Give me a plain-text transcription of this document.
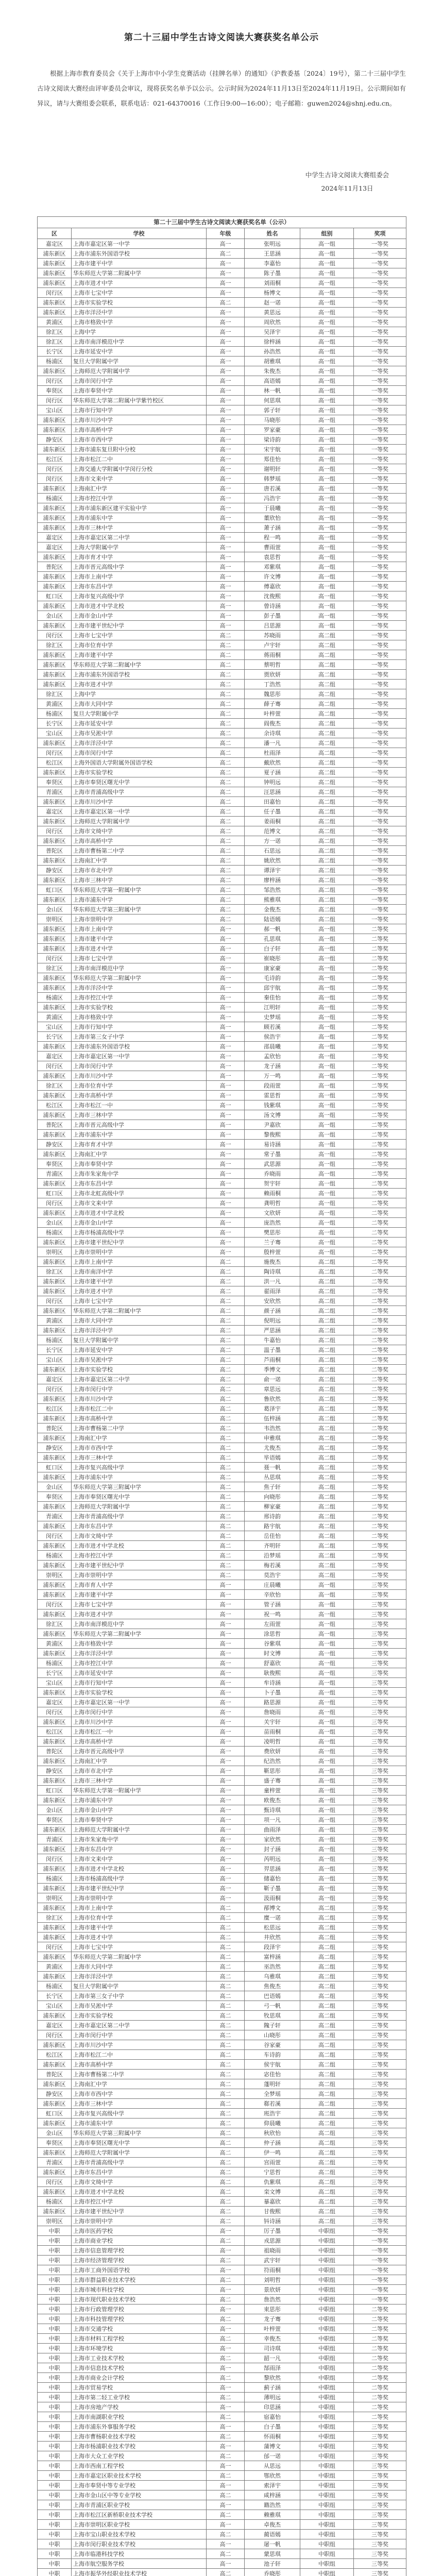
第二十三届中学生古诗文阅读大赛获奖名单公示
根据上海市教育委员会《关于上海市中小学生竞赛活动（挂牌名单）的通知》（沪教委基〔2024〕19号），第二十三届中学生古诗文阅读大赛经由评审委员会审议，现将获奖名单予以公示。公示时间为2024年11月13日至2024年11月19日。公示期间如有异议，请与大赛组委会联系，联系电话：021-64370016（工作日9:00—16:00）；电子邮箱：guwen2024@shnj.edu.cn。
中学生古诗文阅读大赛组委会
2024年11月13日
第二十三届中学生古诗文阅读大赛获奖名单（公示）					
区	学校	年级	姓名	组别	奖项
嘉定区	上海市嘉定区第一中学	高一	张明远	高一组	一等奖
浦东新区	上海市浦东外国语学校	高二	王思涵	高一组	一等奖
浦东新区	上海市建平中学	高一	李嘉怡	高一组	一等奖
浦东新区	华东师范大学第二附属中学	高一	陈子墨	高一组	一等奖
浦东新区	上海市进才中学	高一	刘雨桐	高一组	一等奖
闵行区	上海市七宝中学	高一	杨博文	高一组	一等奖
浦东新区	上海市实验学校	高二	赵一诺	高一组	一等奖
浦东新区	上海市洋泾中学	高一	黄思远	高一组	一等奖
黄浦区	上海市格致中学	高一	周欣然	高一组	一等奖
徐汇区	上海中学	高一	吴泽宇	高一组	一等奖
徐汇区	上海市南洋模范中学	高一	徐梓涵	高一组	一等奖
长宁区	上海市延安中学	高一	孙浩然	高一组	一等奖
杨浦区	复旦大学附属中学	高一	胡雅琪	高一组	一等奖
浦东新区	上海师范大学附属中学	高一	朱俊杰	高一组	一等奖
闵行区	上海市闵行中学	高一	高语嫣	高一组	一等奖
奉贤区	上海市奉贤中学	高一	林一帆	高一组	一等奖
闵行区	华东师范大学第二附属中学紫竹校区	高一	何思琪	高一组	一等奖
宝山区	上海市行知中学	高一	郭子轩	高一组	一等奖
浦东新区	上海市川沙中学	高一	马晓彤	高一组	一等奖
浦东新区	上海市高桥中学	高一	罗家豪	高一组	一等奖
静安区	上海市市西中学	高一	梁诗韵	高一组	一等奖
浦东新区	上海市浦东复旦附中分校	高一	宋宇航	高一组	一等奖
松江区	上海市松江二中	高一	郑佳怡	高一组	一等奖
闵行区	上海交通大学附属中学闵行分校	高一	谢明轩	高一组	一等奖
闵行区	上海市文来中学	高一	韩梦瑶	高一组	一等奖
浦东新区	上海南汇中学	高一	唐若溪	高一组	一等奖
杨浦区	上海市控江中学	高一	冯浩宇	高一组	一等奖
浦东新区	上海市浦东新区建平实验中学	高一	于晨曦	高一组	一等奖
浦东新区	上海市浦东中学	高一	董欣怡	高一组	一等奖
浦东新区	上海市三林中学	高一	萧子涵	高一组	一等奖
嘉定区	上海市嘉定区第二中学	高一	程一鸣	高一组	一等奖
嘉定区	上海大学附属中学	高一	曹雨萱	高一组	一等奖
浦东新区	上海市育才中学	高一	袁思哲	高一组	一等奖
普陀区	上海市晋元高级中学	高一	邓紫琪	高一组	一等奖
浦东新区	上海市上南中学	高一	许文博	高一组	一等奖
浦东新区	上海市东昌中学	高一	傅嘉欣	高一组	一等奖
虹口区	上海市复兴高级中学	高一	沈俊熙	高一组	一等奖
浦东新区	上海市进才中学北校	高一	曾诗涵	高一组	一等奖
金山区	上海市金山中学	高一	彭子墨	高一组	一等奖
浦东新区	上海市建平世纪中学	高一	吕思源	高一组	一等奖
闵行区	上海市七宝中学	高二	苏晓雨	高二组	一等奖
徐汇区	上海市位育中学	高二	卢宇轩	高二组	一等奖
浦东新区	上海市建平中学	高二	蒋雨桐	高二组	一等奖
浦东新区	华东师范大学第二附属中学	高二	蔡明哲	高二组	一等奖
浦东新区	上海市浦东外国语学校	高二	贾欣妍	高二组	一等奖
浦东新区	上海市进才中学	高二	丁浩然	高二组	一等奖
徐汇区	上海中学	高二	魏思彤	高二组	一等奖
黄浦区	上海市大同中学	高二	薛子骞	高二组	一等奖
杨浦区	复旦大学附属中学	高二	叶梓萱	高二组	一等奖
长宁区	上海市延安中学	高二	阎俊杰	高二组	一等奖
宝山区	上海市吴淞中学	高二	余诗琪	高二组	一等奖
浦东新区	上海市洋泾中学	高二	潘一凡	高二组	一等奖
闵行区	上海市闵行中学	高二	杜雨泽	高二组	一等奖
松江区	上海外国语大学附属外国语学校	高二	戴欣然	高二组	一等奖
浦东新区	上海市实验学校	高二	夏子涵	高二组	一等奖
奉贤区	上海市奉贤区曙光中学	高二	钟明远	高二组	一等奖
青浦区	上海市青浦高级中学	高二	汪思涵	高二组	一等奖
浦东新区	上海市川沙中学	高二	田嘉怡	高二组	一等奖
嘉定区	上海市嘉定区第一中学	高二	任子墨	高二组	一等奖
浦东新区	上海师范大学附属中学	高二	姜雨桐	高二组	一等奖
闵行区	上海市文绮中学	高二	范博文	高二组	一等奖
浦东新区	上海市高桥中学	高二	方一诺	高二组	一等奖
普陀区	上海市曹杨第二中学	高二	石思远	高二组	一等奖
浦东新区	上海南汇中学	高二	姚欣然	高二组	一等奖
静安区	上海市市北中学	高二	谭泽宇	高二组	一等奖
浦东新区	上海市三林中学	高二	廖梓涵	高二组	一等奖
虹口区	华东师范大学第一附属中学	高二	邹浩然	高二组	一等奖
浦东新区	上海市浦东中学	高二	熊雅琪	高二组	一等奖
金山区	华东师范大学第三附属中学	高二	金俊杰	高二组	一等奖
崇明区	上海市崇明中学	高二	陆语嫣	高二组	一等奖
浦东新区	上海市上南中学	高一	郝一帆	高一组	二等奖
浦东新区	上海市建平中学	高一	孔思琪	高一组	二等奖
浦东新区	上海市进才中学	高一	白子轩	高一组	二等奖
闵行区	上海市七宝中学	高一	崔晓彤	高一组	二等奖
徐汇区	上海市南洋模范中学	高一	康家豪	高一组	二等奖
浦东新区	华东师范大学第二附属中学	高一	毛诗韵	高一组	二等奖
浦东新区	上海市洋泾中学	高一	邱宇航	高一组	二等奖
杨浦区	上海市控江中学	高一	秦佳怡	高一组	二等奖
浦东新区	上海市实验学校	高一	江明轩	高一组	二等奖
黄浦区	上海市格致中学	高一	史梦瑶	高一组	二等奖
宝山区	上海市行知中学	高一	顾若溪	高一组	二等奖
长宁区	上海市第三女子中学	高一	侯浩宇	高一组	二等奖
浦东新区	上海市浦东外国语学校	高一	邵晨曦	高一组	二等奖
嘉定区	上海市嘉定区第一中学	高一	孟欣怡	高一组	二等奖
闵行区	上海市闵行中学	高一	龙子涵	高一组	二等奖
浦东新区	上海市川沙中学	高一	万一鸣	高一组	二等奖
徐汇区	上海市位育中学	高一	段雨萱	高一组	二等奖
浦东新区	上海市高桥中学	高一	雷思哲	高一组	二等奖
松江区	上海市松江一中	高一	钱紫琪	高一组	二等奖
浦东新区	上海市三林中学	高一	汤文博	高一组	二等奖
普陀区	上海市晋元高级中学	高一	尹嘉欣	高一组	二等奖
浦东新区	上海市浦东中学	高一	黎俊熙	高一组	二等奖
静安区	上海市育才中学	高一	易诗涵	高一组	二等奖
浦东新区	上海南汇中学	高一	常子墨	高一组	二等奖
奉贤区	上海市奉贤中学	高一	武思源	高一组	二等奖
青浦区	上海市朱家角中学	高一	乔晓雨	高一组	二等奖
浦东新区	上海市东昌中学	高一	贺宇轩	高一组	二等奖
虹口区	上海市北虹高级中学	高一	赖雨桐	高一组	二等奖
闵行区	上海市文来中学	高一	龚明哲	高一组	二等奖
浦东新区	上海市进才中学北校	高一	文欣妍	高一组	二等奖
金山区	上海市金山中学	高一	庞浩然	高一组	二等奖
杨浦区	上海市杨浦高级中学	高一	樊思彤	高一组	二等奖
浦东新区	上海市建平世纪中学	高一	兰子骞	高一组	二等奖
崇明区	上海市崇明中学	高一	殷梓萱	高一组	二等奖
浦东新区	上海市上南中学	高二	施俊杰	高二组	二等奖
徐汇区	上海市南洋中学	高二	陶诗琪	高二组	二等奖
浦东新区	上海市建平中学	高二	洪一凡	高二组	二等奖
浦东新区	上海市进才中学	高二	翟雨泽	高二组	二等奖
闵行区	上海市七宝中学	高二	安欣然	高二组	二等奖
浦东新区	华东师范大学第二附属中学	高二	颜子涵	高二组	二等奖
黄浦区	上海市大同中学	高二	倪明远	高二组	二等奖
浦东新区	上海市洋泾中学	高二	严思涵	高二组	二等奖
杨浦区	复旦大学附属中学	高二	牛嘉怡	高二组	二等奖
长宁区	上海市延安中学	高二	温子墨	高二组	二等奖
宝山区	上海市吴淞中学	高二	芦雨桐	高二组	二等奖
浦东新区	上海市实验学校	高二	季博文	高二组	二等奖
嘉定区	上海市嘉定区第二中学	高二	俞一诺	高二组	二等奖
闵行区	上海市闵行中学	高二	章思远	高二组	二等奖
浦东新区	上海市川沙中学	高二	鲁欣然	高二组	二等奖
松江区	上海市松江二中	高二	葛泽宇	高二组	二等奖
浦东新区	上海市高桥中学	高二	伍梓涵	高二组	二等奖
普陀区	上海市曹杨第二中学	高二	韦浩然	高二组	二等奖
浦东新区	上海南汇中学	高二	申雅琪	高二组	二等奖
静安区	上海市市西中学	高二	尤俊杰	高二组	二等奖
浦东新区	上海市三林中学	高二	毕语嫣	高二组	二等奖
虹口区	上海市复兴高级中学	高二	聂一帆	高二组	二等奖
浦东新区	上海市浦东中学	高二	丛思琪	高二组	二等奖
金山区	华东师范大学第三附属中学	高二	焦子轩	高二组	二等奖
奉贤区	上海市奉贤区曙光中学	高二	向晓彤	高二组	二等奖
浦东新区	上海师范大学附属中学	高二	柳家豪	高二组	二等奖
青浦区	上海市青浦高级中学	高二	邢诗韵	高二组	二等奖
浦东新区	上海市东昌中学	高二	路宇航	高二组	二等奖
闵行区	上海市文绮中学	高二	岳佳怡	高二组	二等奖
浦东新区	上海市进才中学北校	高二	齐明轩	高二组	二等奖
杨浦区	上海市控江中学	高二	沿梦瑶	高二组	二等奖
浦东新区	上海市建平世纪中学	高二	梅若溪	高二组	二等奖
崇明区	上海市崇明中学	高二	莫浩宇	高二组	二等奖
浦东新区	上海市育人中学	高一	庄晨曦	高一组	三等奖
浦东新区	上海市建平中学	高一	辛欣怡	高一组	三等奖
闵行区	上海市七宝中学	高一	管子涵	高一组	三等奖
浦东新区	上海市进才中学	高一	祝一鸣	高一组	三等奖
徐汇区	上海市南洋模范中学	高一	左雨萱	高一组	三等奖
浦东新区	华东师范大学第二附属中学	高一	涂思哲	高一组	三等奖
黄浦区	上海市格致中学	高一	谷紫琪	高一组	三等奖
浦东新区	上海市洋泾中学	高一	时文博	高一组	三等奖
杨浦区	上海市控江中学	高一	舒嘉欣	高一组	三等奖
长宁区	上海市延安中学	高一	耿俊熙	高一组	三等奖
宝山区	上海市行知中学	高一	牟诗涵	高一组	三等奖
浦东新区	上海市实验学校	高一	卜子墨	高一组	三等奖
嘉定区	上海市嘉定区第一中学	高一	路思源	高一组	三等奖
闵行区	上海市闵行中学	高一	詹晓雨	高一组	三等奖
浦东新区	上海市川沙中学	高一	关宇轩	高一组	三等奖
松江区	上海市松江一中	高一	苗雨桐	高一组	三等奖
浦东新区	上海市高桥中学	高一	凌明哲	高一组	三等奖
普陀区	上海市晋元高级中学	高一	费欣妍	高一组	三等奖
浦东新区	上海南汇中学	高一	纪浩然	高一组	三等奖
静安区	上海市市北中学	高一	靳思彤	高一组	三等奖
浦东新区	上海市三林中学	高一	盛子骞	高一组	三等奖
虹口区	华东师范大学第一附属中学	高一	童梓萱	高一组	三等奖
浦东新区	上海市浦东中学	高一	欧俊杰	高一组	三等奖
金山区	上海市金山中学	高一	甄诗琪	高一组	三等奖
奉贤区	上海市奉贤中学	高一	项一凡	高一组	三等奖
浦东新区	上海师范大学附属中学	高一	曲雨泽	高一组	三等奖
青浦区	上海市朱家角中学	高一	家欣然	高一组	三等奖
浦东新区	上海市东昌中学	高一	封子涵	高一组	三等奖
闵行区	上海市文来中学	高一	芮明远	高一组	三等奖
浦东新区	上海市进才中学北校	高一	羿思涵	高一组	三等奖
杨浦区	上海市杨浦高级中学	高一	储嘉怡	高一组	三等奖
浦东新区	上海市建平世纪中学	高一	靳子墨	高一组	三等奖
崇明区	上海市崇明中学	高一	汲雨桐	高一组	三等奖
浦东新区	上海市上南中学	高二	邴博文	高二组	三等奖
徐汇区	上海市位育中学	高二	糜一诺	高二组	三等奖
浦东新区	上海市建平中学	高二	松思远	高二组	三等奖
浦东新区	上海市进才中学	高二	井欣然	高二组	三等奖
闵行区	上海市七宝中学	高二	段泽宇	高二组	三等奖
浦东新区	华东师范大学第二附属中学	高二	富梓涵	高二组	三等奖
黄浦区	上海市大同中学	高二	巫浩然	高二组	三等奖
浦东新区	上海市洋泾中学	高二	乌雅琪	高二组	三等奖
杨浦区	复旦大学附属中学	高二	焦俊杰	高二组	三等奖
长宁区	上海市第三女子中学	高二	巴语嫣	高二组	三等奖
宝山区	上海市吴淞中学	高二	弓一帆	高二组	三等奖
浦东新区	上海市实验学校	高二	牧思琪	高二组	三等奖
嘉定区	上海市嘉定区第二中学	高二	隗子轩	高二组	三等奖
闵行区	上海市闵行中学	高二	山晓彤	高二组	三等奖
浦东新区	上海市川沙中学	高二	谷家豪	高二组	三等奖
松江区	上海市松江二中	高二	车诗韵	高二组	三等奖
浦东新区	上海市高桥中学	高二	侯宇航	高二组	三等奖
普陀区	上海市曹杨第二中学	高二	宓佳怡	高二组	三等奖
浦东新区	上海南汇中学	高二	蓬明轩	高二组	三等奖
静安区	上海市市西中学	高二	全梦瑶	高二组	三等奖
浦东新区	上海市三林中学	高二	郗若溪	高二组	三等奖
虹口区	上海市复兴高级中学	高二	班浩宇	高二组	三等奖
浦东新区	上海市浦东中学	高二	仰晨曦	高二组	三等奖
金山区	华东师范大学第三附属中学	高二	秋欣怡	高二组	三等奖
奉贤区	上海市奉贤区曙光中学	高二	仲子涵	高二组	三等奖
浦东新区	上海师范大学附属中学	高二	伊一鸣	高二组	三等奖
青浦区	上海市青浦高级中学	高二	宫雨萱	高二组	三等奖
浦东新区	上海市东昌中学	高二	宁思哲	高二组	三等奖
闵行区	上海市文绮中学	高二	仇紫琪	高二组	三等奖
浦东新区	上海市进才中学北校	高二	栾文博	高二组	三等奖
杨浦区	上海市控江中学	高二	暴嘉欣	高二组	三等奖
浦东新区	上海市建平世纪中学	高二	甘俊熙	高二组	三等奖
崇明区	上海市崇明中学	高二	钭诗涵	高二组	三等奖
中职	上海市医药学校	高一	厉子墨	中职组	一等奖
中职	上海市商业学校	高二	戎思源	中职组	一等奖
中职	上海市信息管理学校	高一	祖晓雨	中职组	一等奖
中职	上海市经济管理学校	高二	武宇轩	中职组	一等奖
中职	上海市工商外国语学校	高一	符雨桐	中职组	一等奖
中职	上海市群益职业技术学校	高二	刘明哲	中职组	一等奖
中职	上海市城市科技学校	高一	景欣妍	中职组	一等奖
中职	上海市现代职业技术学校	高二	詹浩然	中职组	一等奖
中职	上海市行政管理学校	高一	束思彤	中职组	二等奖
中职	上海市科技管理学校	高二	龙子骞	中职组	二等奖
中职	上海市交通学校	高一	叶梓萱	中职组	二等奖
中职	上海市材料工程学校	高二	幸俊杰	中职组	二等奖
中职	上海市环境学校	高一	司诗琪	中职组	二等奖
中职	上海市工业技术学校	高二	韶一凡	中职组	二等奖
中职	上海市信息技术学校	高一	郜雨泽	中职组	二等奖
中职	上海市商业会计学校	高二	黎欣然	中职组	二等奖
中职	上海市贸易学校	高一	蓟子涵	中职组	二等奖
中职	上海市第二轻工业学校	高二	薄明远	中职组	二等奖
中职	上海市房地产学校	高一	印思涵	中职组	二等奖
中职	上海市南湖职业学校	高二	宿嘉怡	中职组	二等奖
中职	上海市浦东外事服务学校	高一	白子墨	中职组	三等奖
中职	上海市曹杨职业技术学校	高二	怀雨桐	中职组	三等奖
中职	上海市杨浦职业技术学校	高一	蒲博文	中职组	三等奖
中职	上海市大众工业学校	高二	邰一诺	中职组	三等奖
中职	上海市西南工程学校	高一	从思远	中职组	三等奖
中职	上海市嘉定区职业技术学校	高二	鄂欣然	中职组	三等奖
中职	上海市奉贤中等专业学校	高一	索泽宇	中职组	三等奖
中职	上海市金山区中等专业学校	高二	咸梓涵	中职组	三等奖
中职	上海市青浦区职业学校	高一	籍浩然	中职组	三等奖
中职	上海市松江区新桥职业技术学校	高二	赖雅琪	中职组	三等奖
中职	上海市崇明区职业学校	高一	卓俊杰	中职组	三等奖
中职	上海市宝山职业技术学校	高二	蔺语嫣	中职组	三等奖
中职	上海市闵行职业技术学校	高一	屠一帆	中职组	三等奖
中职	上海市临港科技学校	高二	蒙思琪	中职组	三等奖
中职	上海市航空服务学校	高一	池子轩	中职组	三等奖
中职	上海市振华外经职业技术学校	高二	乔晓彤	中职组	三等奖
